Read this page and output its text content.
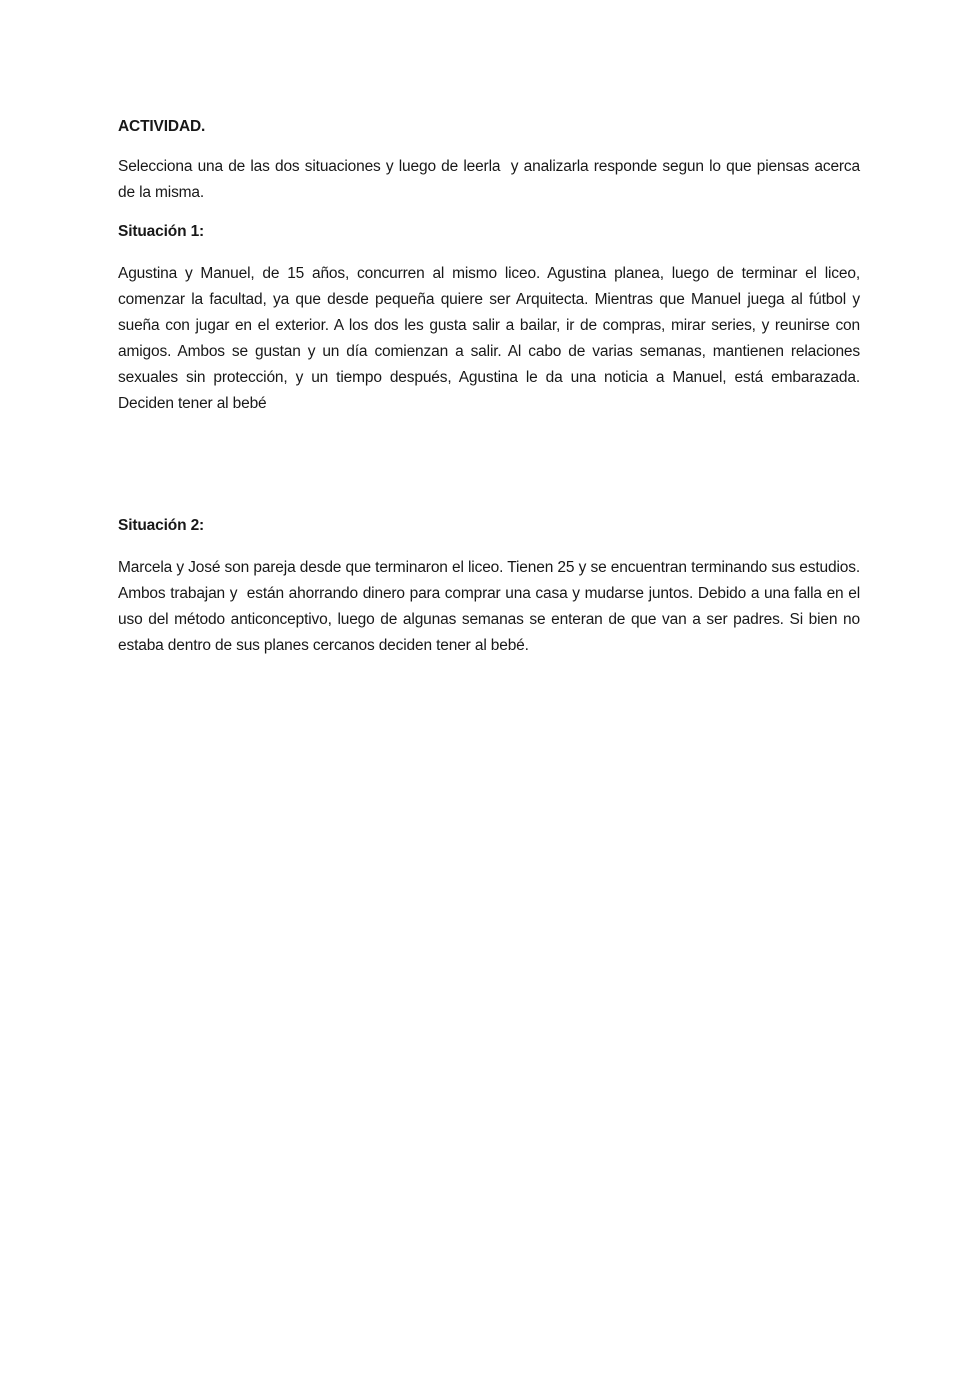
ACTIVIDAD.

Selecciona una de las dos situaciones y luego de leerla  y analizarla responde segun lo que piensas acerca de la misma.

Situación 1:

Agustina y Manuel, de 15 años, concurren al mismo liceo. Agustina planea, luego de terminar el liceo, comenzar la facultad, ya que desde pequeña quiere ser Arquitecta. Mientras que Manuel juega al fútbol y sueña con jugar en el exterior. A los dos les gusta salir a bailar, ir de compras, mirar series, y reunirse con amigos. Ambos se gustan y un día comienzan a salir. Al cabo de varias semanas, mantienen relaciones sexuales sin protección, y un tiempo después, Agustina le da una noticia a Manuel, está embarazada. Deciden tener al bebé

Situación 2:

Marcela y José son pareja desde que terminaron el liceo. Tienen 25 y se encuentran terminando sus estudios. Ambos trabajan y  están ahorrando dinero para comprar una casa y mudarse juntos. Debido a una falla en el uso del método anticonceptivo, luego de algunas semanas se enteran de que van a ser padres. Si bien no estaba dentro de sus planes cercanos deciden tener al bebé.
